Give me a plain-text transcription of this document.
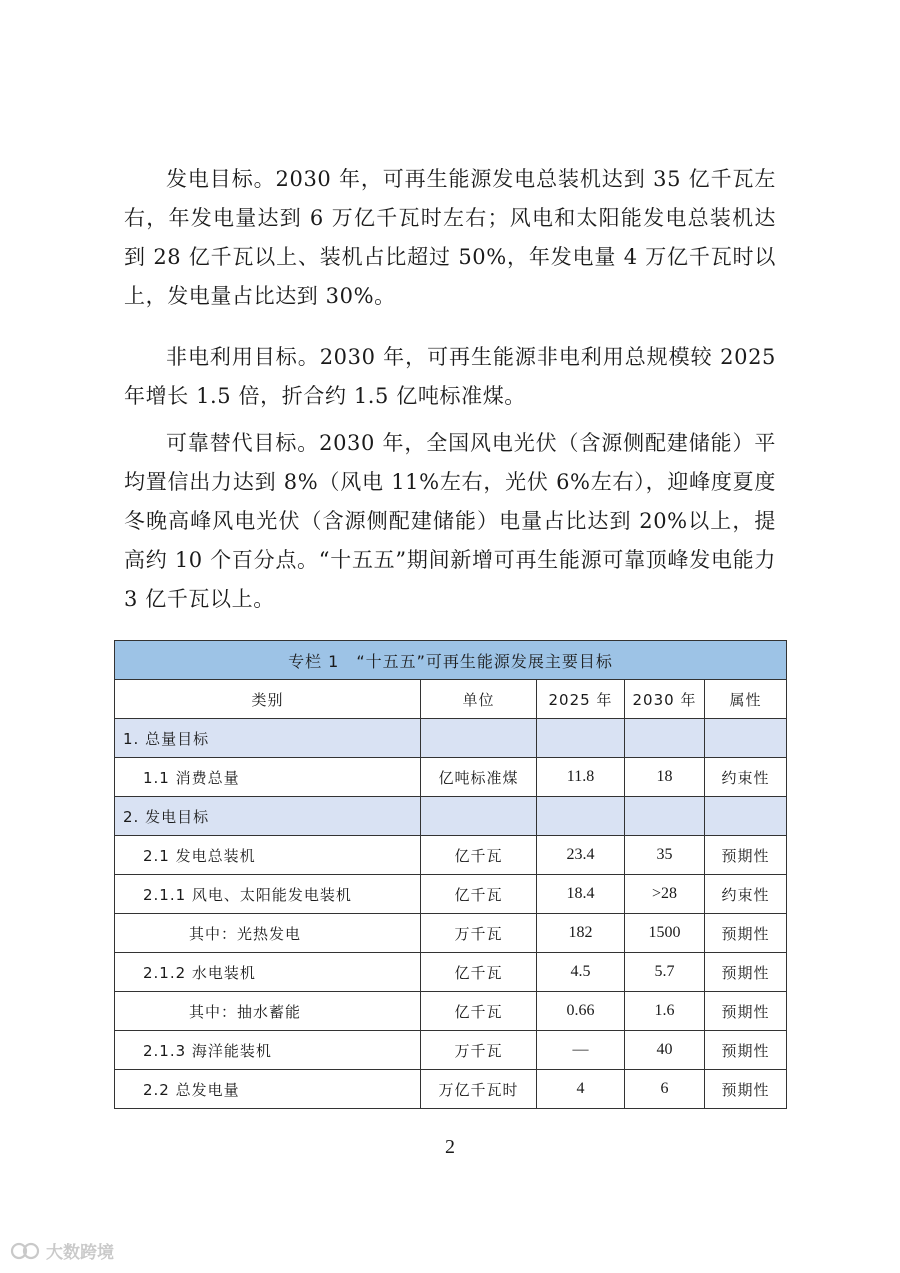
发电目标。2030 年，可再生能源发电总装机达到 35 亿千瓦左右，年发电量达到 6 万亿千瓦时左右；风电和太阳能发电总装机达到 28 亿千瓦以上、装机占比超过 50%，年发电量 4 万亿千瓦时以上，发电量占比达到 30%。

非电利用目标。2030 年，可再生能源非电利用总规模较 2025 年增长 1.5 倍，折合约 1.5 亿吨标准煤。

可靠替代目标。2030 年，全国风电光伏（含源侧配建储能）平均置信出力达到 8%（风电 11%左右，光伏 6%左右），迎峰度夏度冬晚高峰风电光伏（含源侧配建储能）电量占比达到 20%以上，提高约 10 个百分点。“十五五”期间新增可再生能源可靠顶峰发电能力 3 亿千瓦以上。

专栏 1　“十五五”可再生能源发展主要目标				
类别	单位	2025 年	2030 年	属性
1. 总量目标				
1.1 消费总量	亿吨标准煤	11.8	18	约束性
2. 发电目标				
2.1 发电总装机	亿千瓦	23.4	35	预期性
2.1.1 风电、太阳能发电装机	亿千瓦	18.4	>28	约束性
其中：光热发电	万千瓦	182	1500	预期性
2.1.2 水电装机	亿千瓦	4.5	5.7	预期性
其中：抽水蓄能	亿千瓦	0.66	1.6	预期性
2.1.3 海洋能装机	万千瓦	—	40	预期性
2.2 总发电量	万亿千瓦时	4	6	预期性
2
大数跨境
